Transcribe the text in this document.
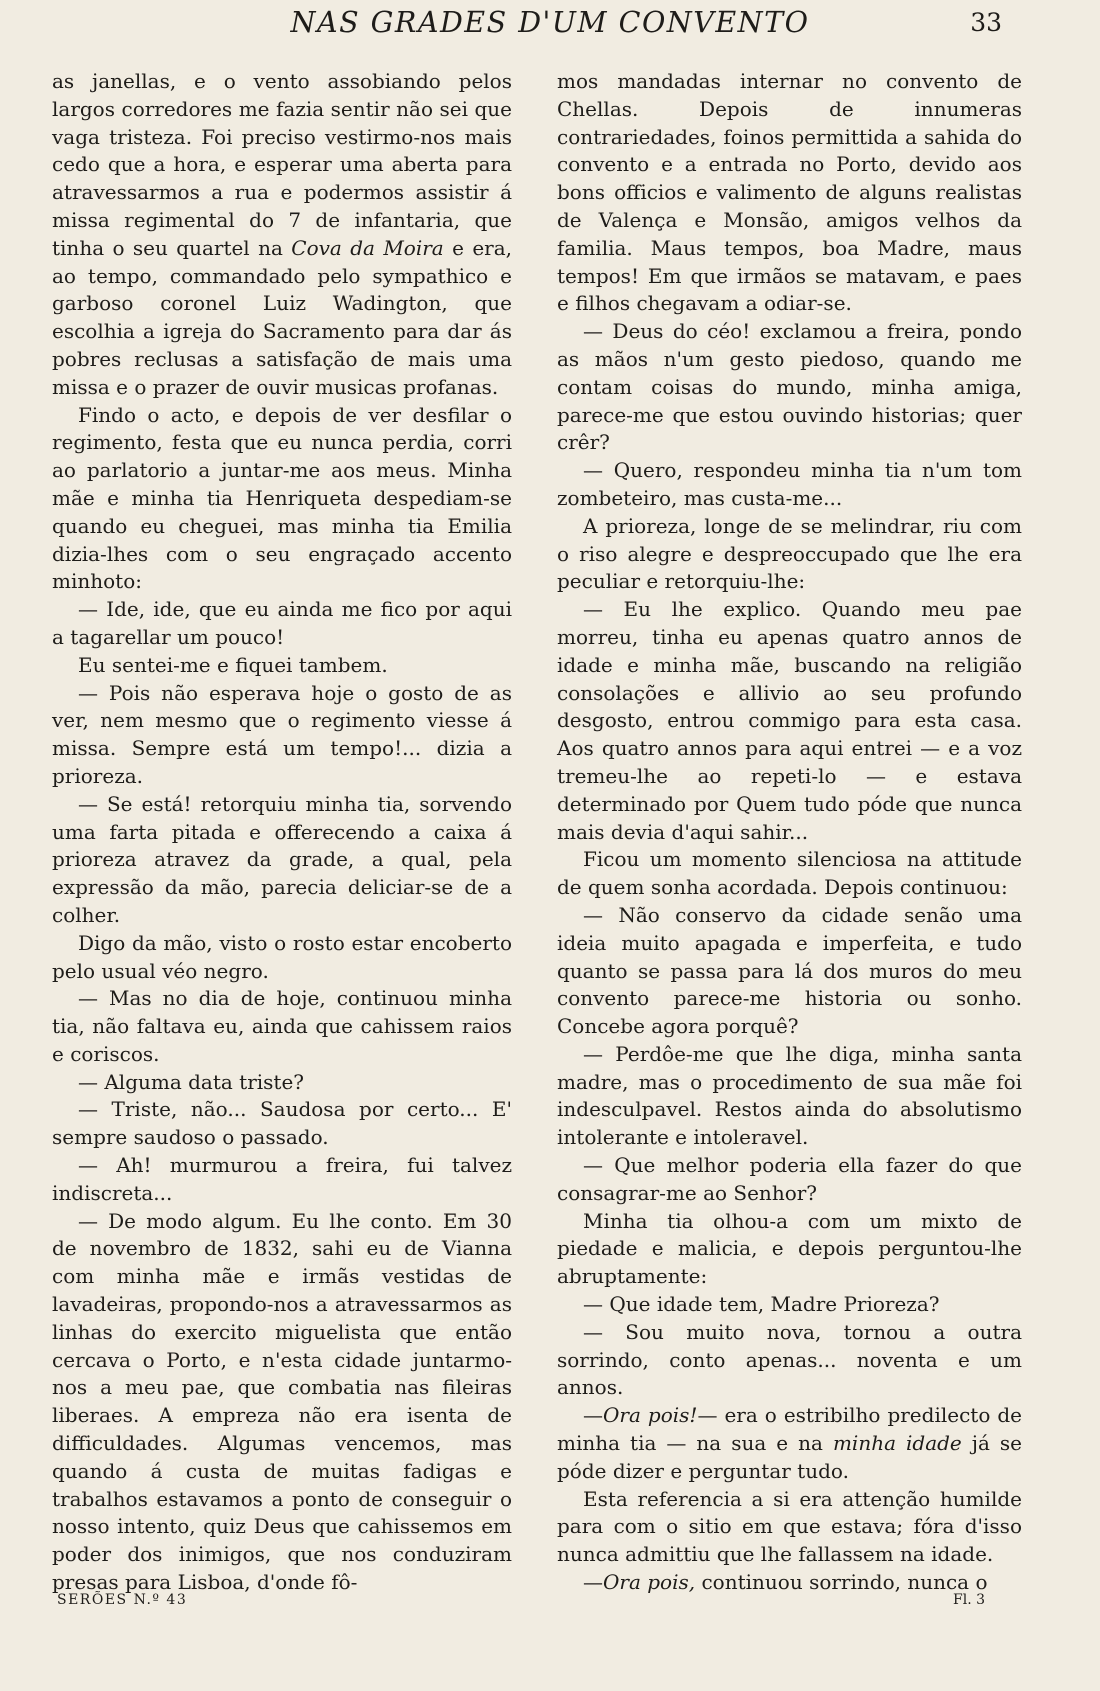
NAS GRADES D'UM CONVENTO	33

as janellas, e o vento assobiando pelos largos corredores me fazia sentir não sei que vaga tristeza. Foi preciso vestirmo-nos mais cedo que a hora, e esperar uma aberta para atravessarmos a rua e podermos assistir á missa regimental do 7 de infantaria, que tinha o seu quartel na Cova da Moira e era, ao tempo, commandado pelo sympathico e garboso coronel Luiz Wadington, que escolhia a igreja do Sacramento para dar ás pobres reclusas a satisfação de mais uma missa e o prazer de ouvir musicas profanas.

Findo o acto, e depois de ver desfilar o regimento, festa que eu nunca perdia, corri ao parlatorio a juntar-me aos meus. Minha mãe e minha tia Henriqueta despediam-se quando eu cheguei, mas minha tia Emilia dizia-lhes com o seu engraçado accento minhoto:

— Ide, ide, que eu ainda me fico por aqui a tagarellar um pouco!

Eu sentei-me e fiquei tambem.

— Pois não esperava hoje o gosto de as ver, nem mesmo que o regimento viesse á missa. Sempre está um tempo!... dizia a prioreza.

— Se está! retorquiu minha tia, sorvendo uma farta pitada e offerecendo a caixa á prioreza atravez da grade, a qual, pela expressão da mão, parecia deliciar-se de a colher.

Digo da mão, visto o rosto estar encoberto pelo usual véo negro.

— Mas no dia de hoje, continuou minha tia, não faltava eu, ainda que cahissem raios e coriscos.

— Alguma data triste?

— Triste, não... Saudosa por certo... E' sempre saudoso o passado.

— Ah! murmurou a freira, fui talvez indiscreta...

— De modo algum. Eu lhe conto. Em 30 de novembro de 1832, sahi eu de Vianna com minha mãe e irmãs vestidas de lavadeiras, propondo-nos a atravessarmos as linhas do exercito miguelista que então cercava o Porto, e n'esta cidade juntarmo-nos a meu pae, que combatia nas fileiras liberaes. A empreza não era isenta de difficuldades. Algumas vencemos, mas quando á custa de muitas fadigas e trabalhos estavamos a ponto de conseguir o nosso intento, quiz Deus que cahissemos em poder dos inimigos, que nos conduziram presas para Lisboa, d'onde fô-

mos mandadas internar no convento de Chellas. Depois de innumeras contrariedades, foinos permittida a sahida do convento e a entrada no Porto, devido aos bons officios e valimento de alguns realistas de Valença e Monsão, amigos velhos da familia. Maus tempos, boa Madre, maus tempos! Em que irmãos se matavam, e paes e filhos chegavam a odiar-se.

— Deus do céo! exclamou a freira, pondo as mãos n'um gesto piedoso, quando me contam coisas do mundo, minha amiga, parece-me que estou ouvindo historias; quer crêr?

— Quero, respondeu minha tia n'um tom zombeteiro, mas custa-me...

A prioreza, longe de se melindrar, riu com o riso alegre e despreoccupado que lhe era peculiar e retorquiu-lhe:

— Eu lhe explico. Quando meu pae morreu, tinha eu apenas quatro annos de idade e minha mãe, buscando na religião consolações e allivio ao seu profundo desgosto, entrou commigo para esta casa. Aos quatro annos para aqui entrei — e a voz tremeu-lhe ao repeti-lo — e estava determinado por Quem tudo póde que nunca mais devia d'aqui sahir...

Ficou um momento silenciosa na attitude de quem sonha acordada. Depois continuou:

— Não conservo da cidade senão uma ideia muito apagada e imperfeita, e tudo quanto se passa para lá dos muros do meu convento parece-me historia ou sonho. Concebe agora porquê?

— Perdôe-me que lhe diga, minha santa madre, mas o procedimento de sua mãe foi indesculpavel. Restos ainda do absolutismo intolerante e intoleravel.

— Que melhor poderia ella fazer do que consagrar-me ao Senhor?

Minha tia olhou-a com um mixto de piedade e malicia, e depois perguntou-lhe abruptamente:

— Que idade tem, Madre Prioreza?

— Sou muito nova, tornou a outra sorrindo, conto apenas... noventa e um annos.

—Ora pois!— era o estribilho predilecto de minha tia — na sua e na minha idade já se póde dizer e perguntar tudo.

Esta referencia a si era attenção humilde para com o sitio em que estava; fóra d'isso nunca admittiu que lhe fallassem na idade.

—Ora pois, continuou sorrindo, nunca o

SERÕES N.º 43	Fl. 3
